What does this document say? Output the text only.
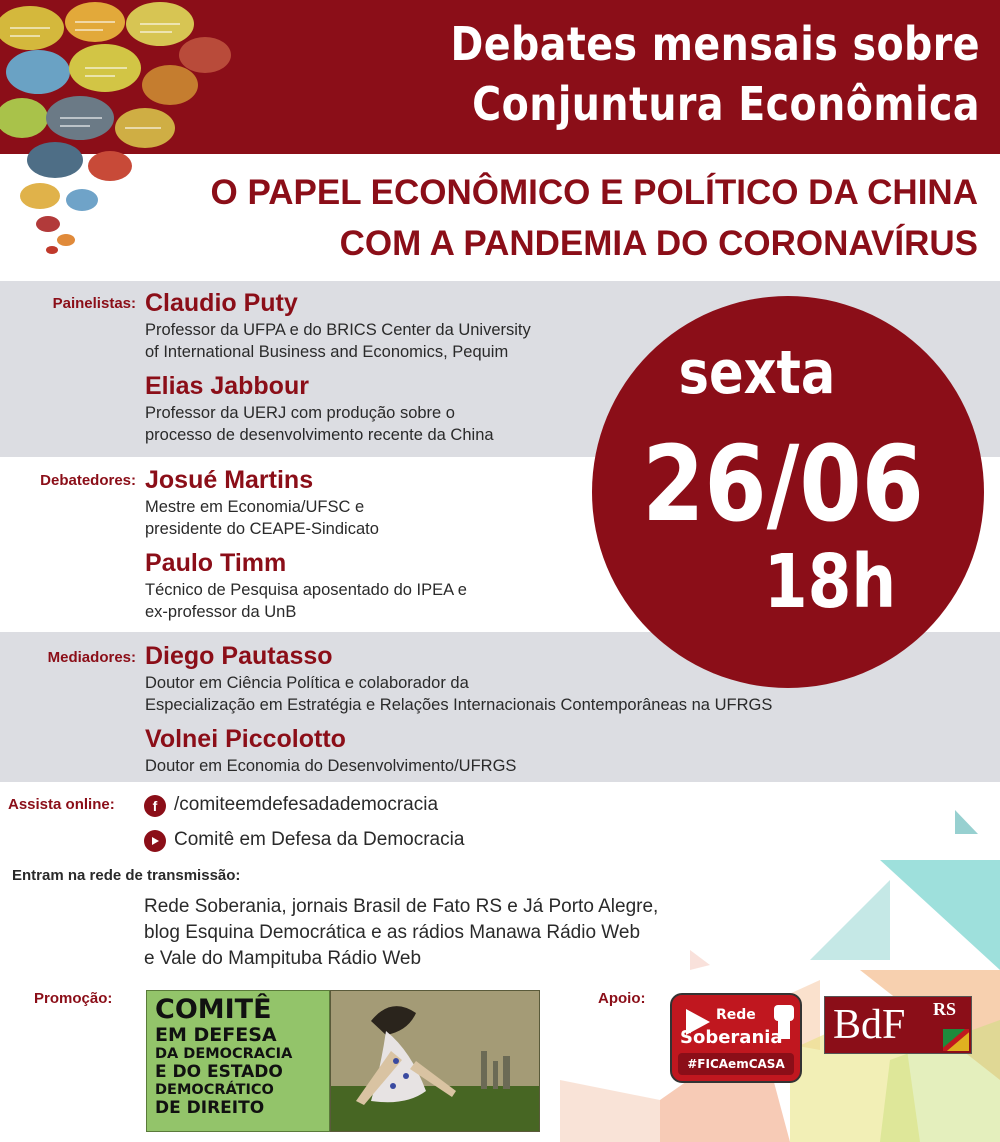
Debates mensais sobre
Conjuntura Econômica
O PAPEL ECONÔMICO E POLÍTICO DA CHINA
COM A PANDEMIA DO CORONAVÍRUS
Painelistas: Claudio Puty
Professor da UFPA e do BRICS Center da University
of International Business and Economics, Pequim
Elias Jabbour
Professor da UERJ com produção sobre o
processo de desenvolvimento recente da China
Debatedores: Josué Martins
Mestre em Economia/UFSC e
presidente do CEAPE-Sindicato
Paulo Timm
Técnico de Pesquisa aposentado do IPEA e
ex-professor da UnB
Mediadores: Diego Pautasso
Doutor em Ciência Política e colaborador da
Especialização em Estratégia e Relações Internacionais Contemporâneas na UFRGS
Volnei Piccolotto
Doutor em Economia do Desenvolvimento/UFRGS
sexta
26/06
18h
Assista online:	f /comiteemdefesadademocracia
Comitê em Defesa da Democracia
Entram na rede de transmissão:
Rede Soberania, jornais Brasil de Fato RS e Já Porto Alegre,
blog Esquina Democrática e as rádios Manawa Rádio Web
e Vale do Mampituba Rádio Web
Promoção: COMITÊ
EM DEFESA
DA DEMOCRACIA
E DO ESTADO
DEMOCRÁTICO
DE DIREITO
Apoio:
Rede
Soberania
#FICAemCASA
BdF RS
